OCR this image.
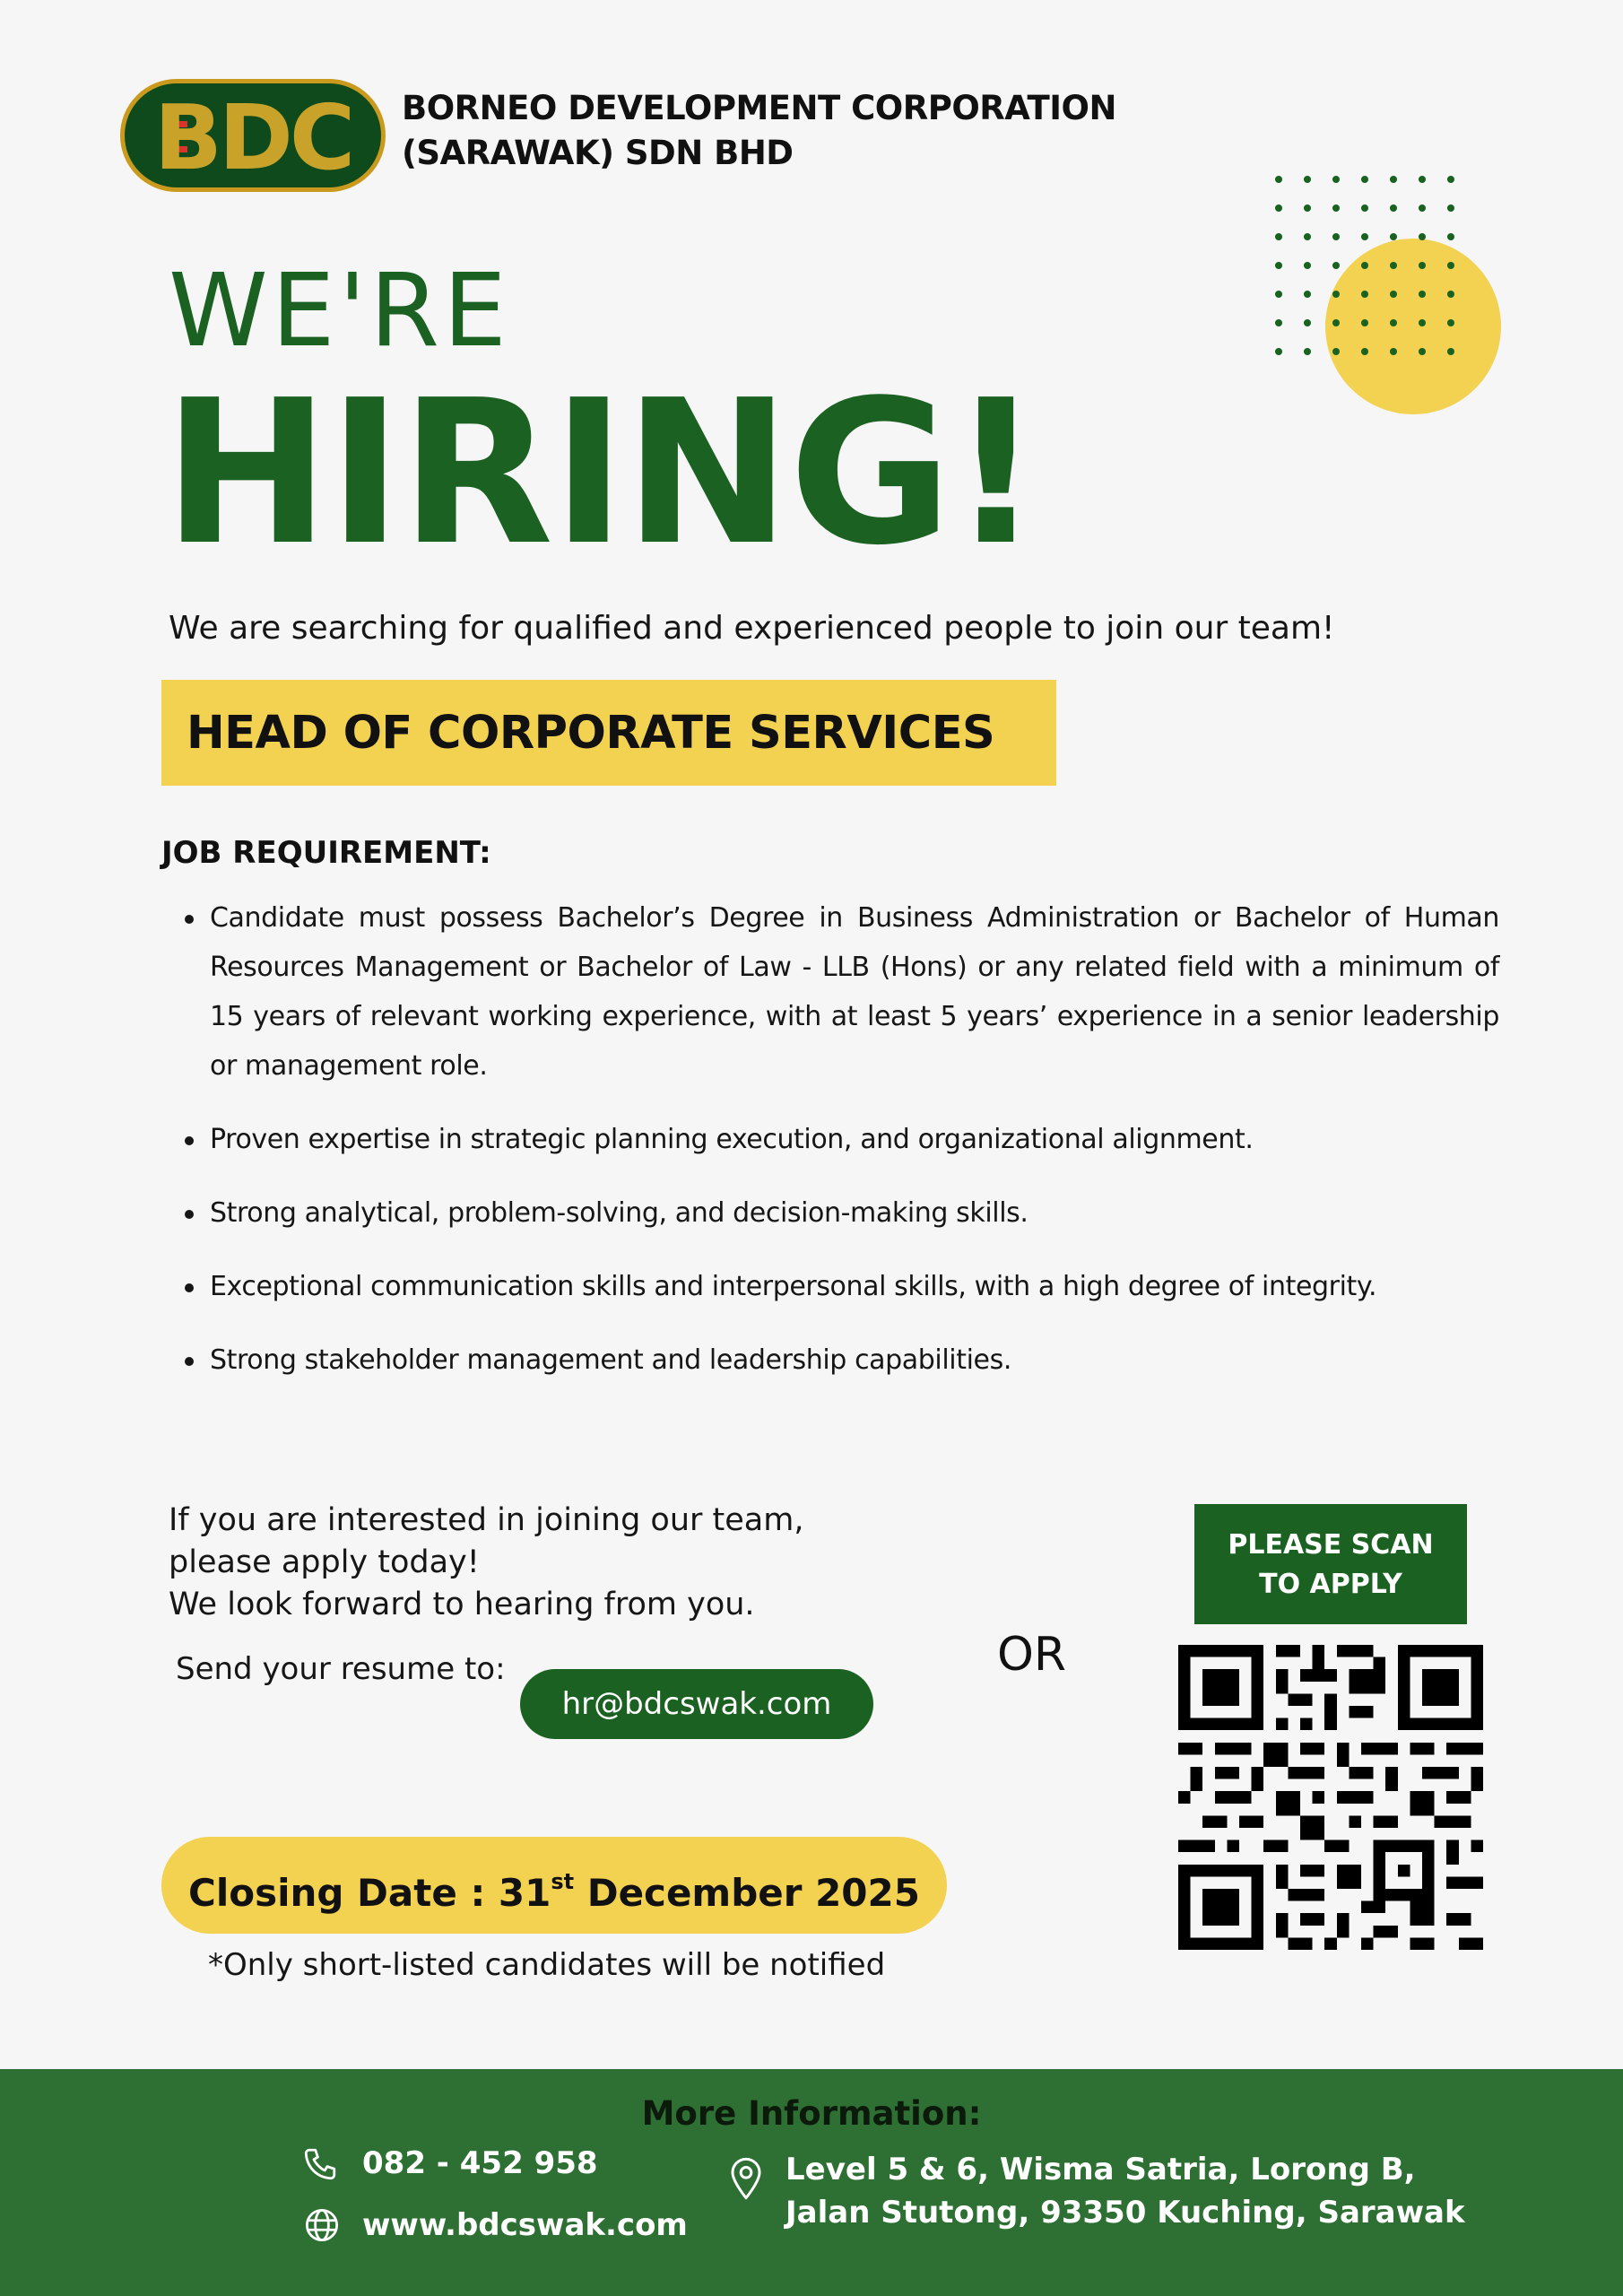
BDC	BORNEO DEVELOPMENT CORPORATION
(SARAWAK) SDN BHD
WE'RE
HIRING!
We are searching for qualified and experienced people to join our team!
HEAD OF CORPORATE SERVICES
JOB REQUIREMENT:
Candidate must possess Bachelor’s Degree in Business Administration or Bachelor of Human Resources Management or Bachelor of Law - LLB (Hons) or any related field with a minimum of 15 years of relevant working experience, with at least 5 years’ experience in a senior leadership or management role.
Proven expertise in strategic planning execution, and organizational alignment.
Strong analytical, problem-solving, and decision-making skills.
Exceptional communication skills and interpersonal skills, with a high degree of integrity.
Strong stakeholder management and leadership capabilities.
If you are interested in joining our team,
please apply today!
We look forward to hearing from you.
Send your resume to:
hr@bdcswak.com
OR
PLEASE SCAN
TO APPLY
Closing Date : 31st December 2025
*Only short-listed candidates will be notified
More Information:
082 - 452 958
www.bdcswak.com
Level 5 & 6, Wisma Satria, Lorong B,
Jalan Stutong, 93350 Kuching, Sarawak
